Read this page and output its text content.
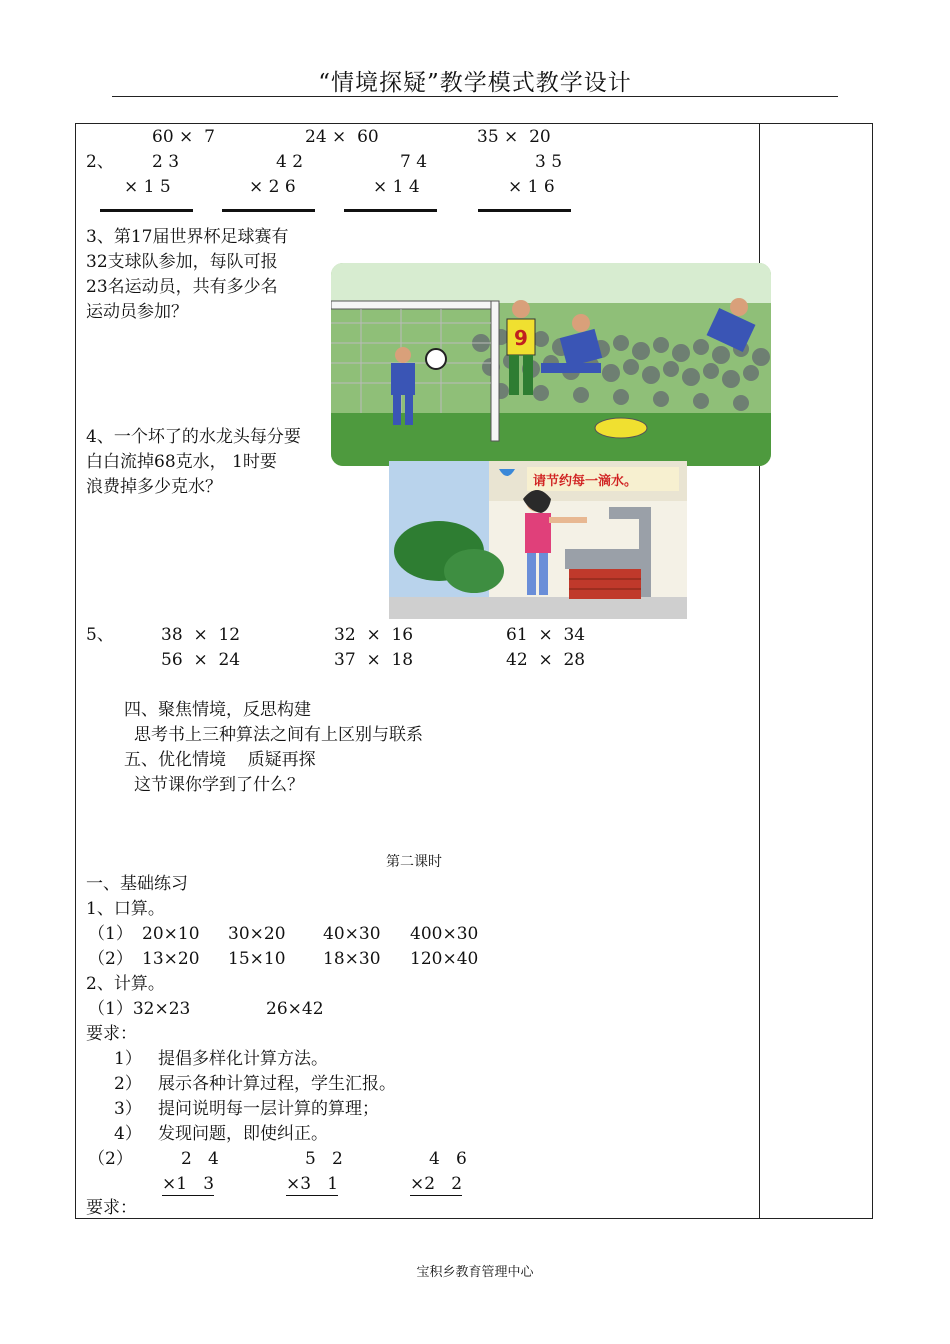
“情境探疑”教学模式教学设计
60 ×  7	24 ×  60	35 ×  20
2、 2 3
× 1 5
4 2
× 2 6
7 4
× 1 4
3 5
× 1 6
3、第17届世界杯足球赛有
32支球队参加，每队可报
23名运动员，共有多少名
运动员参加？
9
4、一个坏了的水龙头每分要
白白流掉68克水， 1时要
浪费掉多少克水？	请节约每一滴水。
5、	38  ×  12	32  ×  16	61  ×  34
56  ×  24	37  ×  18	42  ×  28
四、聚焦情境，反思构建
思考书上三种算法之间有上区别与联系
五、优化情境    质疑再探
这节课你学到了什么？
第二课时
一、基础练习
1、口算。
（1） 20×10 30×20 40×30 400×30
（2） 13×20 15×10 18×30 120×40
2、计算。
（1）32×23	26×42
要求：
1）   提倡多样化计算方法。
2）   展示各种计算过程，学生汇报。
3）   提问说明每一层计算的算理；
4）   发现问题，即使纠正。
（2）	2   4
×1   3
5   2
×3   1
4   6
×2   2
要求：
宝积乡教育管理中心
